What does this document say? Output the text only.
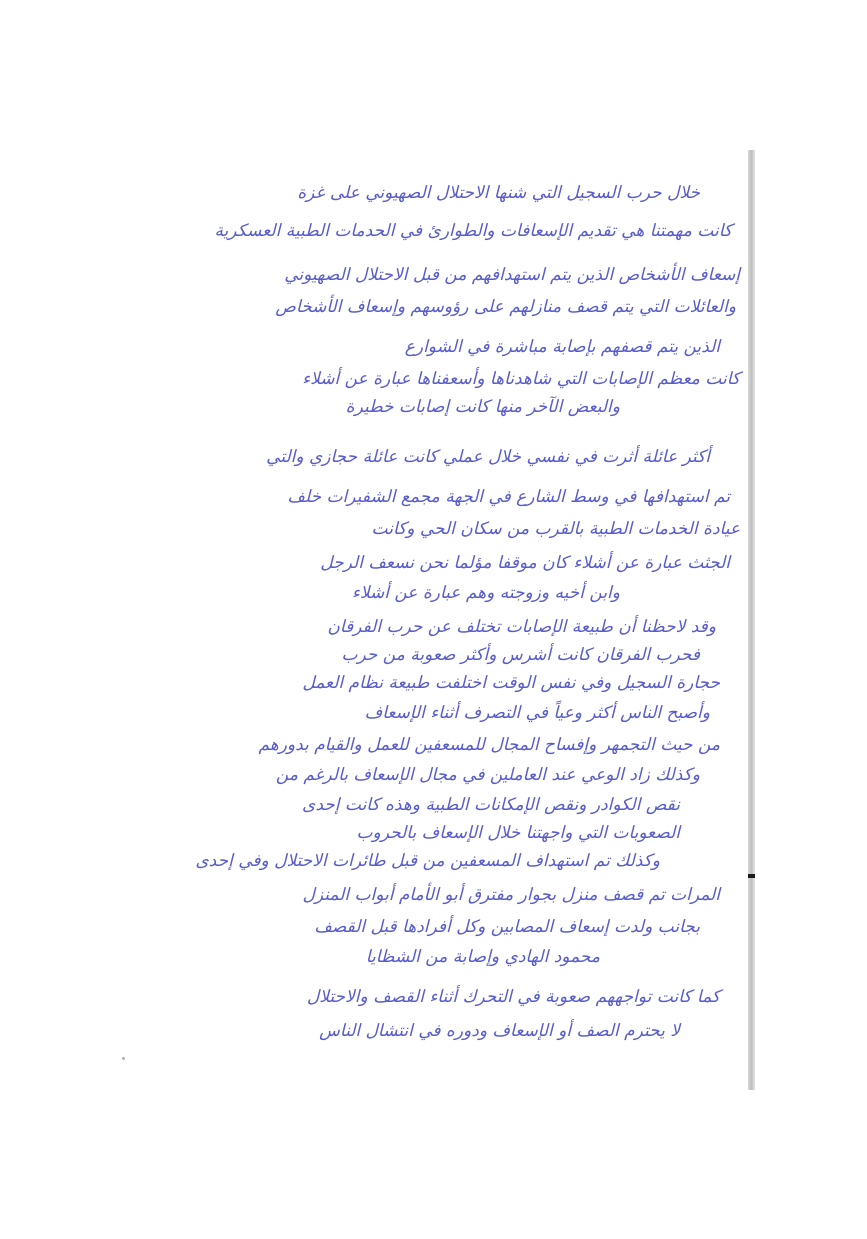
خلال حرب السجيل التي شنها الاحتلال الصهيوني على غزة
كانت مهمتنا هي تقديم الإسعافات والطوارئ في الحدمات الطبية العسكرية
إسعاف الأشخاص الذين يتم استهدافهم من قبل الاحتلال الصهيوني
والعائلات التي يتم قصف منازلهم على رؤوسهم وإسعاف الأشخاص
الذين يتم قصفهم بإصابة مباشرة في الشوارع
كانت معظم الإصابات التي شاهدناها وأسعفناها عبارة عن أشلاء
والبعض الآخر منها كانت إصابات خطيرة
أكثر عائلة أثرت في نفسي خلال عملي كانت عائلة حجازي والتي
تم استهدافها في وسط الشارع في الجهة مجمع الشفيرات خلف
عيادة الخدمات الطبية بالقرب من سكان الحي وكانت
الجثث عبارة عن أشلاء كان موقفا مؤلما نحن نسعف الرجل
وابن أخيه وزوجته وهم عبارة عن أشلاء
وقد لاحظنا أن طبيعة الإصابات تختلف عن حرب الفرقان
فحرب الفرقان كانت أشرس وأكثر صعوبة من حرب
حجارة السجيل وفي نفس الوقت اختلفت طبيعة نظام العمل
وأصبح الناس أكثر وعياً في التصرف أثناء الإسعاف
من حيث التجمهر وإفساح المجال للمسعفين للعمل والقيام بدورهم
وكذلك زاد الوعي عند العاملين في مجال الإسعاف بالرغم من
نقص الكوادر ونقص الإمكانات الطبية وهذه كانت إحدى
الصعوبات التي واجهتنا خلال الإسعاف بالحروب
وكذلك تم استهداف المسعفين من قبل طائرات الاحتلال وفي إحدى
المرات تم قصف منزل بجوار مفترق أبو الأمام أبواب المنزل
بجانب ولدت إسعاف المصابين وكل أفرادها قبل القصف
محمود الهادي وإصابة من الشظايا
كما كانت تواجههم صعوبة في التحرك أثناء القصف والاحتلال
لا يحترم الصف أو الإسعاف ودوره في انتشال الناس
